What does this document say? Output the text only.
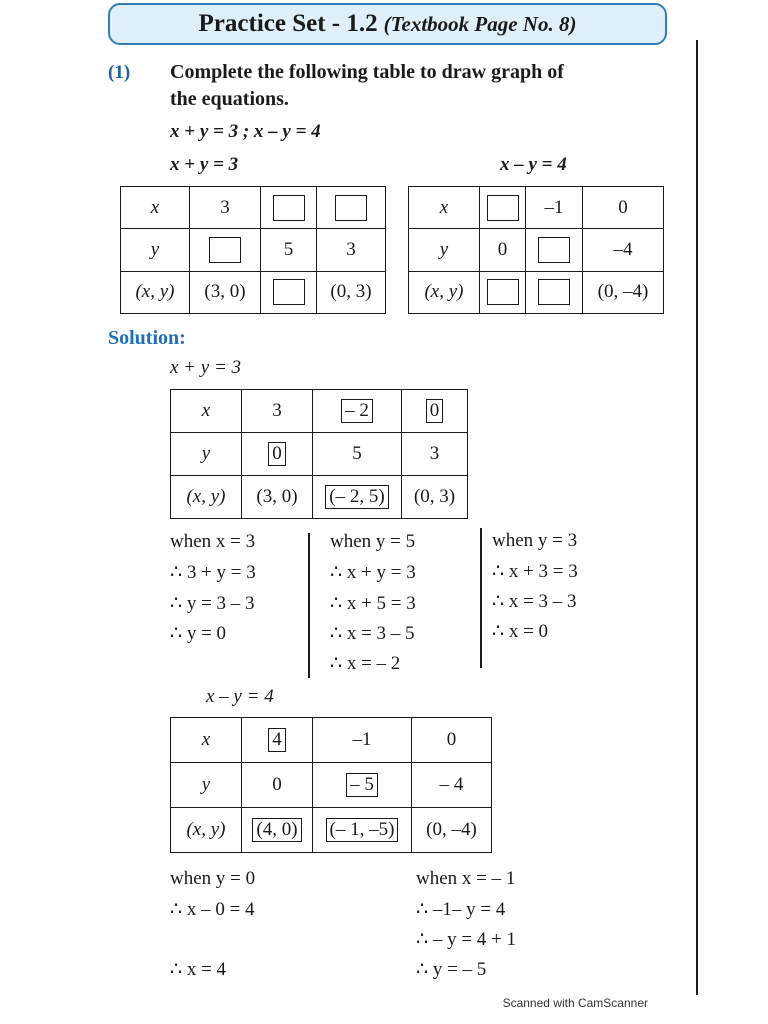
Practice Set - 1.2 (Textbook Page No. 8)
(1) Complete the following table to draw graph of
the equations.
x + y = 3 ; x – y = 4
x + y = 3	x – y = 4
x	3		
y		5	3
(x, y)	(3, 0)		(0, 3)
x		–1	0
y	0		–4
(x, y)			(0, –4)
Solution:
x + y = 3
x	3	– 2	0
y	0	5	3
(x, y)	(3, 0)	(– 2, 5)	(0, 3)
when x = 3
∴ 3 + y = 3
∴ y = 3 – 3
∴ y = 0
when y = 5
∴ x + y = 3
∴ x + 5 = 3
∴ x = 3 – 5
∴ x = – 2
when y = 3
∴ x + 3 = 3
∴ x = 3 – 3
∴ x = 0
x – y = 4
x	4	–1	0
y	0	– 5	– 4
(x, y)	(4, 0)	(– 1, –5)	(0, –4)
when y = 0
∴ x – 0 = 4
∴ x = 4
when x = – 1
∴ –1– y = 4
∴ – y = 4 + 1
∴ y = – 5
Scanned with CamScanner
